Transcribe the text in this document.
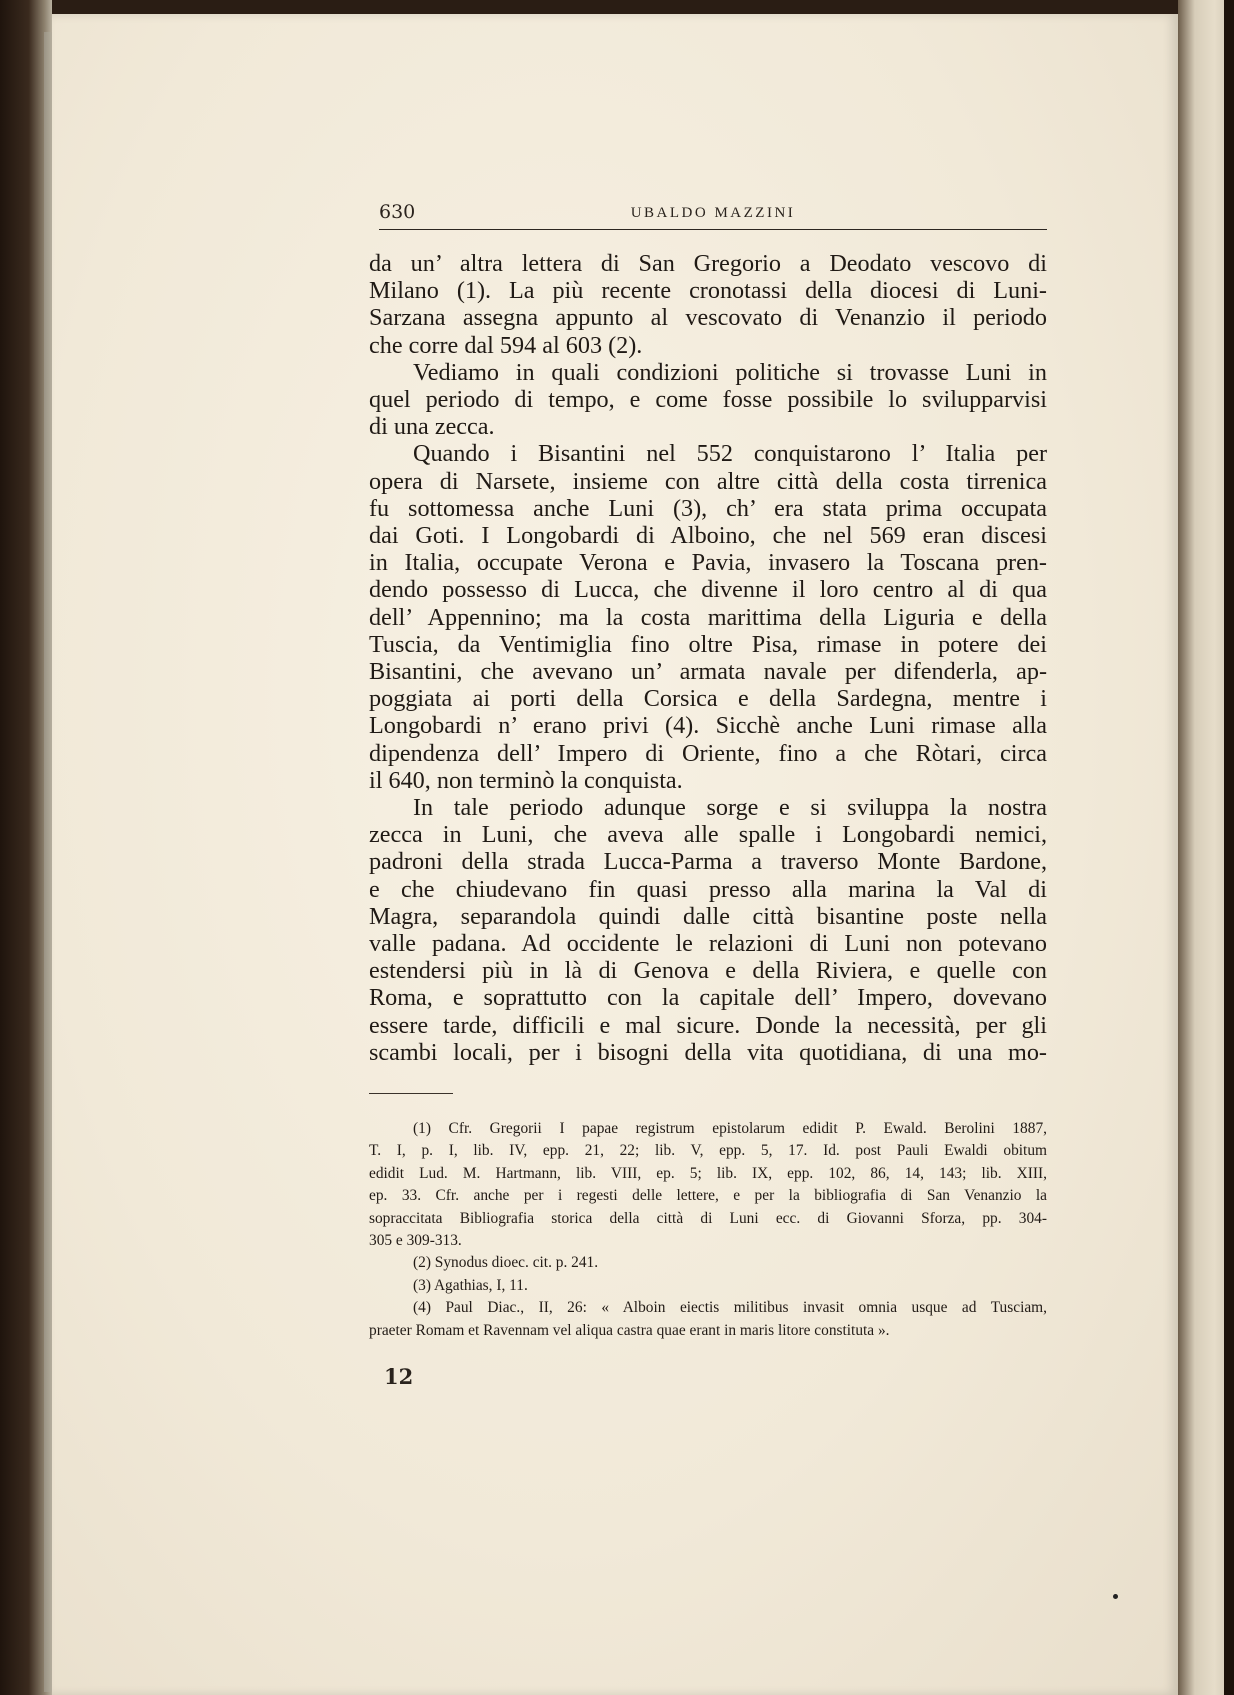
630	UBALDO MAZZINI

da un’ altra lettera di San Gregorio a Deodato vescovo di
Milano (1). La più recente cronotassi della diocesi di Luni-
Sarzana assegna appunto al vescovato di Venanzio il periodo
che corre dal 594 al 603 (2).

Vediamo in quali condizioni politiche si trovasse Luni in
quel periodo di tempo, e come fosse possibile lo svilupparvisi
di una zecca.

Quando i Bisantini nel 552 conquistarono l’ Italia per
opera di Narsete, insieme con altre città della costa tirrenica
fu sottomessa anche Luni (3), ch’ era stata prima occupata
dai Goti. I Longobardi di Alboino, che nel 569 eran discesi
in Italia, occupate Verona e Pavia, invasero la Toscana pren-
dendo possesso di Lucca, che divenne il loro centro al di qua
dell’ Appennino; ma la costa marittima della Liguria e della
Tuscia, da Ventimiglia fino oltre Pisa, rimase in potere dei
Bisantini, che avevano un’ armata navale per difenderla, ap-
poggiata ai porti della Corsica e della Sardegna, mentre i
Longobardi n’ erano privi (4). Sicchè anche Luni rimase alla
dipendenza dell’ Impero di Oriente, fino a che Ròtari, circa
il 640, non terminò la conquista.

In tale periodo adunque sorge e si sviluppa la nostra
zecca in Luni, che aveva alle spalle i Longobardi nemici,
padroni della strada Lucca-Parma a traverso Monte Bardone,
e che chiudevano fin quasi presso alla marina la Val di
Magra, separandola quindi dalle città bisantine poste nella
valle padana. Ad occidente le relazioni di Luni non potevano
estendersi più in là di Genova e della Riviera, e quelle con
Roma, e soprattutto con la capitale dell’ Impero, dovevano
essere tarde, difficili e mal sicure. Donde la necessità, per gli
scambi locali, per i bisogni della vita quotidiana, di una mo-

(1) Cfr. Gregorii I papae registrum epistolarum edidit P. Ewald. Berolini 1887,
T. I, p. I, lib. IV, epp. 21, 22; lib. V, epp. 5, 17. Id. post Pauli Ewaldi obitum
edidit Lud. M. Hartmann, lib. VIII, ep. 5; lib. IX, epp. 102, 86, 14, 143; lib. XIII,
ep. 33. Cfr. anche per i regesti delle lettere, e per la bibliografia di San Venanzio la
sopraccitata Bibliografia storica della città di Luni ecc. di Giovanni Sforza, pp. 304-
305 e 309-313.
(2) Synodus dioec. cit. p. 241.
(3) Agathias, I, 11.
(4) Paul Diac., II, 26: « Alboin eiectis militibus invasit omnia usque ad Tusciam,
praeter Romam et Ravennam vel aliqua castra quae erant in maris litore constituta ».
12
